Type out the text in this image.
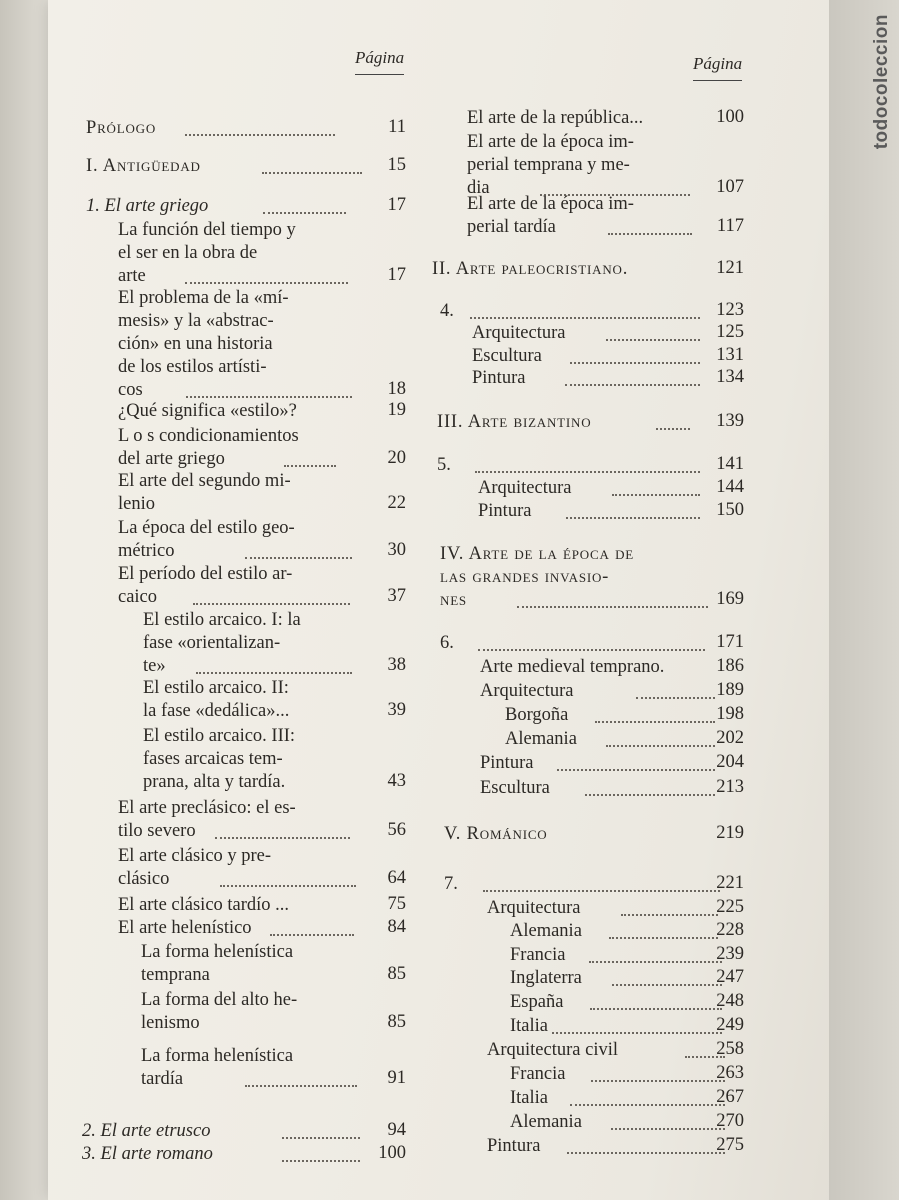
todocoleccion
Página	Página
Prólogo	11
I. Antigüedad	15
1. El arte griego	17
La función del tiempo y
el ser en la obra de
arte	17
El problema de la «mí-
mesis» y la «abstrac-
ción» en una historia
de los estilos artísti-
cos	18
¿Qué significa «estilo»?	19
L o s condicionamientos
del arte griego	20
El arte del segundo mi-
lenio	22
La época del estilo geo-
métrico	30
El período del estilo ar-
caico	37
El estilo arcaico. I: la
fase «orientalizan-
te»	38
El estilo arcaico. II:
la fase «dedálica»...	39
El estilo arcaico. III:
fases arcaicas tem-
prana, alta y tardía.	43
El arte preclásico: el es-
tilo severo	56
El arte clásico y pre-
clásico	64
El arte clásico tardío ...	75
El arte helenístico	84
La forma helenística
temprana	85
La forma del alto he-
lenismo	85
La forma helenística
tardía	91
2. El arte etrusco	94
3. El arte romano	100
El arte de la república...	100
El arte de la época im-
perial temprana y me-
dia	107
El arte de la época im-
perial tardía	117
II. Arte paleocristiano.	121
4.	123
Arquitectura	125
Escultura	131
Pintura	134
III. Arte bizantino	139
5.	141
Arquitectura	144
Pintura	150
IV. Arte de la época de
las grandes invasio-
nes	169
6.	171
Arte medieval temprano.	186
Arquitectura	189
Borgoña	198
Alemania	202
Pintura	204
Escultura	213
V. Románico	219
7.	221
Arquitectura	225
Alemania	228
Francia	239
Inglaterra	247
España	248
Italia	249
Arquitectura civil	258
Francia	263
Italia	267
Alemania	270
Pintura	275
